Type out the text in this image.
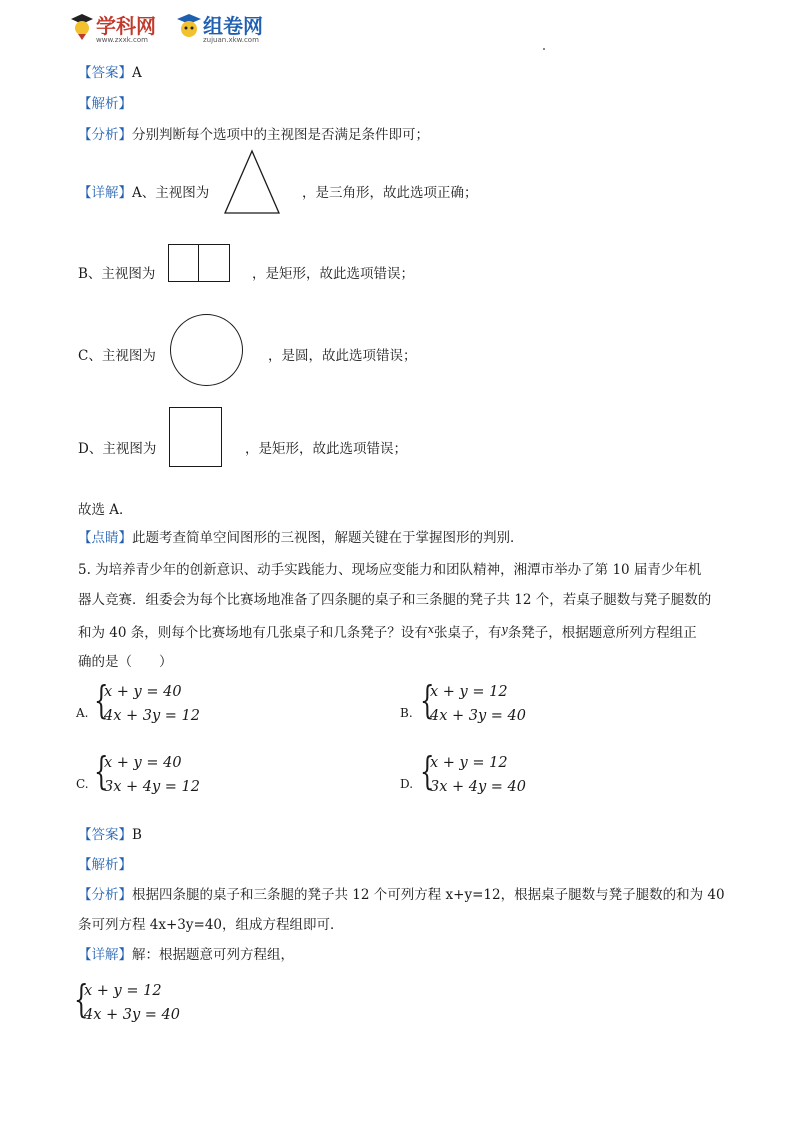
学科网
www.zxxk.com
组卷网
zujuan.xkw.com
【答案】A
【解析】
【分析】分别判断每个选项中的主视图是否满足条件即可；
【详解】A、主视图为	，是三角形，故此选项正确；
B、主视图为	，是矩形，故此选项错误；
C、主视图为	，是圆，故此选项错误；
D、主视图为	，是矩形，故此选项错误；
故选 A．
【点睛】此题考查简单空间图形的三视图，解题关键在于掌握图形的判别．
5. 为培养青少年的创新意识、动手实践能力、现场应变能力和团队精神，湘潭市举办了第 10 届青少年机
器人竞赛．组委会为每个比赛场地准备了四条腿的桌子和三条腿的凳子共 12 个，若桌子腿数与凳子腿数的
和为 40 条，则每个比赛场地有几张桌子和几条凳子？设有$^x$张桌子，有$^y$条凳子，根据题意所列方程组正
确的是（　　）
A. {
x + y = 40
4x + 3y = 12	B. {
x + y = 12
4x + 3y = 40
C. {
x + y = 40
3x + 4y = 12	D. {
x + y = 12
3x + 4y = 40
【答案】B
【解析】
【分析】根据四条腿的桌子和三条腿的凳子共 12 个可列方程 x+y=12，根据桌子腿数与凳子腿数的和为 40
条可列方程 4x+3y=40，组成方程组即可．
【详解】解：根据题意可列方程组，
{
x + y = 12
4x + 3y = 40
